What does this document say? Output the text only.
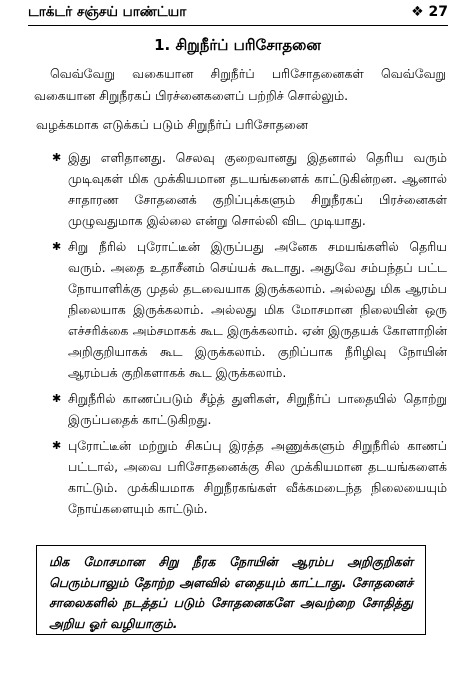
டாக்டர் சஞ்சய் பாண்ட்யா	❖ 27
1. சிறுநீர்ப் பரிசோதனை

வெவ்வேறு வகையான சிறுநீர்ப் பரிசோதனைகள் வெவ்வேறு வகையான சிறுநீரகப் பிரச்னைகளைப் பற்றிச் சொல்லும்.

வழக்கமாக எடுக்கப் படும் சிறுநீர்ப் பரிசோதனை
✱ இது எளிதானது. செலவு குறைவானது இதனால் தெரிய வரும் முடிவுகள் மிக முக்கியமான தடயங்களைக் காட்டுகின்றன. ஆனால் சாதாரண சோதனைக் குறிப்புக்களும் சிறுநீரகப் பிரச்னைகள் முழுவதுமாக இல்லை என்று சொல்லி விட முடியாது.
✱ சிறு நீரில் புரோட்டீன் இருப்பது அனேக சமயங்களில் தெரிய வரும். அதை உதாசீனம் செய்யக் கூடாது. அதுவே சம்பந்தப் பட்ட நோயாளிக்கு முதல் தடவையாக இருக்கலாம். அல்லது மிக ஆரம்ப நிலையாக இருக்கலாம். அல்லது மிக மோசமான நிலையின் ஒரு எச்சரிக்கை அம்சமாகக் கூட இருக்கலாம். ஏன் இருதயக் கோளாறின் அறிகுறியாகக் கூட இருக்கலாம். குறிப்பாக நீரிழிவு நோயின் ஆரம்பக் குறிகளாகக் கூட இருக்கலாம்.
✱ சிறுநீரில் காணப்படும் சீழ்த் துளிகள், சிறுநீர்ப் பாதையில் தொற்று இருப்பதைக் காட்டுகிறது.
✱ புரோட்டீன் மற்றும் சிகப்பு இரத்த அணுக்களும் சிறுநீரில் காணப் பட்டால், அவை பரிசோதனைக்கு சில முக்கியமான தடயங்களைக் காட்டும். முக்கியமாக சிறுநீரகங்கள் வீக்கமடைந்த நிலையையும் நோய்களையும் காட்டும்.
மிக மோசமான சிறு நீரக நோயின் ஆரம்ப அறிகுறிகள் பெரும்பாலும் தோற்ற அளவில் எதையும் காட்டாது. சோதனைச் சாலைகளில் நடத்தப் படும் சோதனைகளே அவற்றை சோதித்து அறிய ஓர் வழியாகும்.
